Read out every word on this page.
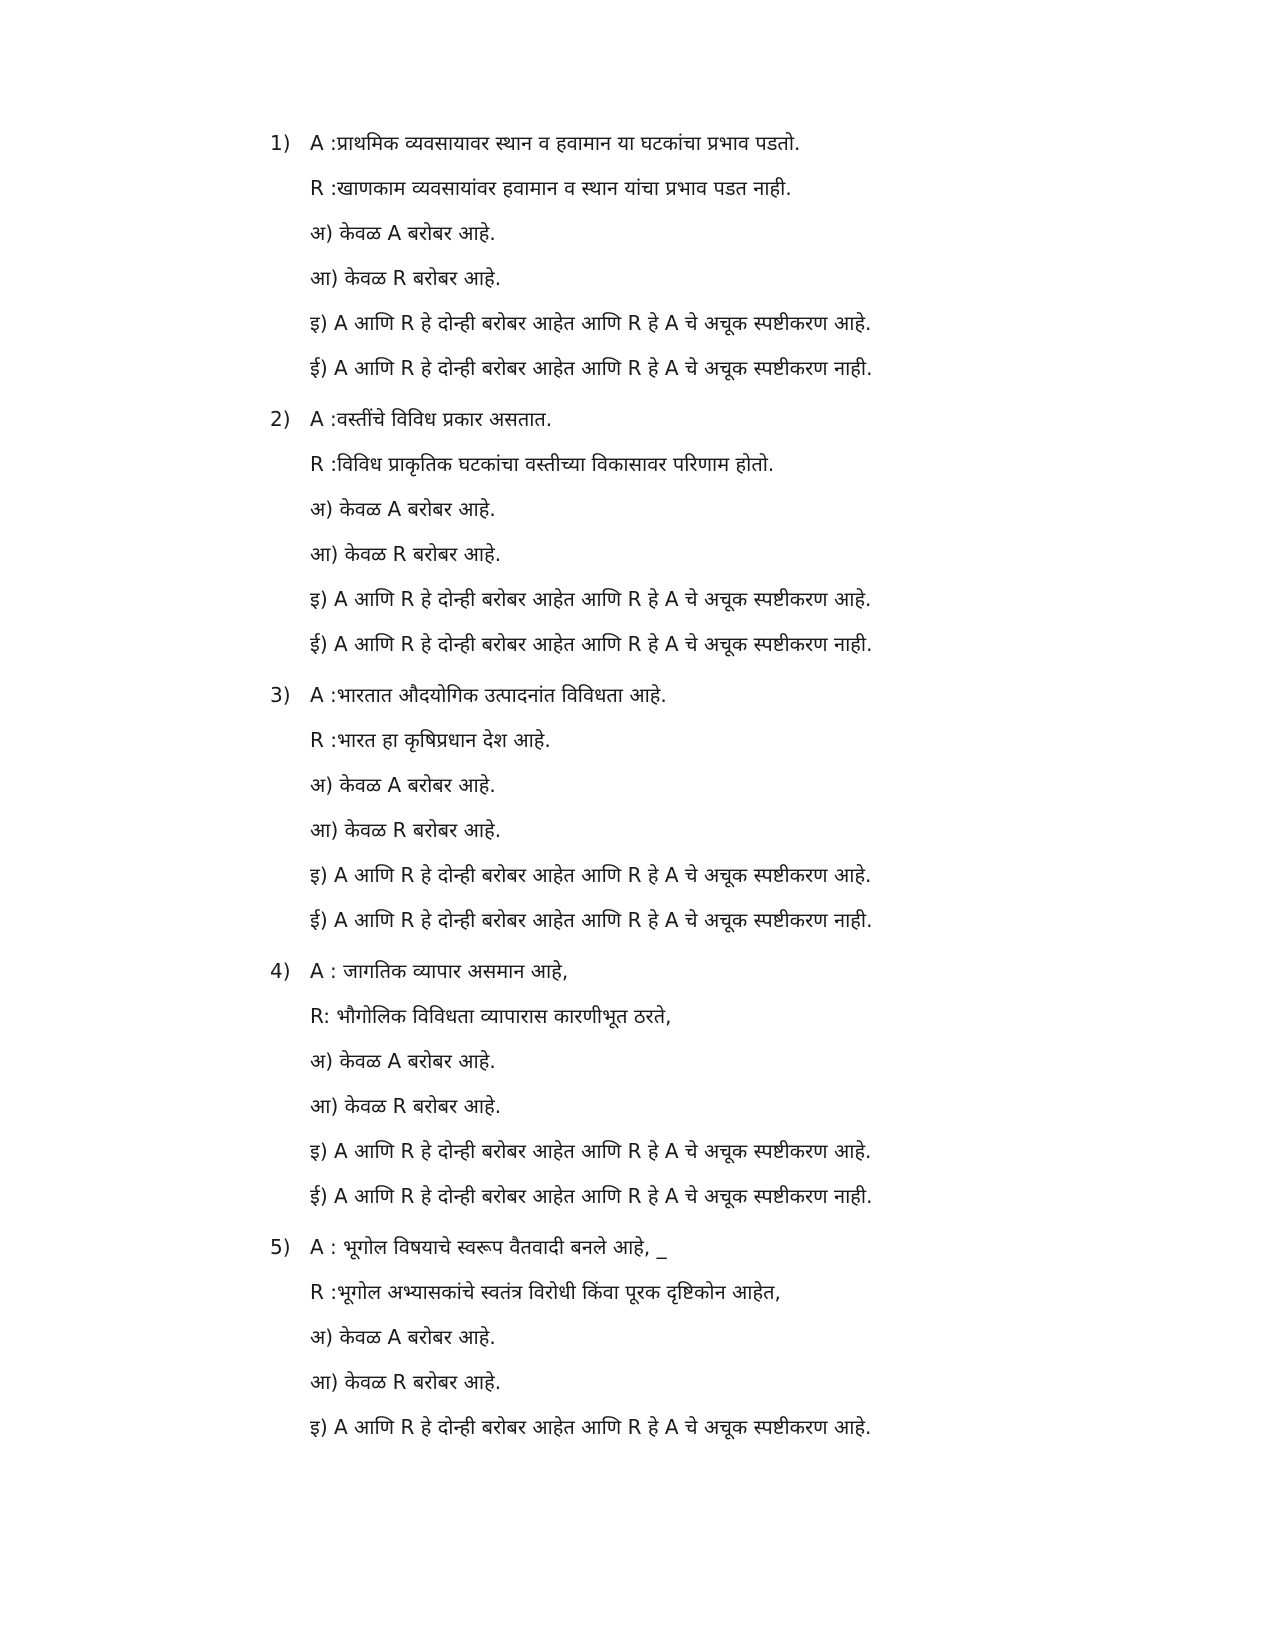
1) A :प्राथमिक व्यवसायावर स्थान व हवामान या घटकांचा प्रभाव पडतो.
R :खाणकाम व्यवसायांवर हवामान व स्थान यांचा प्रभाव पडत नाही.
अ) केवळ A बरोबर आहे.
आ) केवळ R बरोबर आहे.
इ) A आणि R हे दोन्ही बरोबर आहेत आणि R हे A चे अचूक स्पष्टीकरण आहे.
ई) A आणि R हे दोन्ही बरोबर आहेत आणि R हे A चे अचूक स्पष्टीकरण नाही.
2) A :वस्तींचे विविध प्रकार असतात.
R :विविध प्राकृतिक घटकांचा वस्तीच्या विकासावर परिणाम होतो.
अ) केवळ A बरोबर आहे.
आ) केवळ R बरोबर आहे.
इ) A आणि R हे दोन्ही बरोबर आहेत आणि R हे A चे अचूक स्पष्टीकरण आहे.
ई) A आणि R हे दोन्ही बरोबर आहेत आणि R हे A चे अचूक स्पष्टीकरण नाही.
3) A :भारतात औदयोगिक उत्पादनांत विविधता आहे.
R :भारत हा कृषिप्रधान देश आहे.
अ) केवळ A बरोबर आहे.
आ) केवळ R बरोबर आहे.
इ) A आणि R हे दोन्ही बरोबर आहेत आणि R हे A चे अचूक स्पष्टीकरण आहे.
ई) A आणि R हे दोन्ही बरोबर आहेत आणि R हे A चे अचूक स्पष्टीकरण नाही.
4) A : जागतिक व्यापार असमान आहे,
R: भौगोलिक विविधता व्यापारास कारणीभूत ठरते,
अ) केवळ A बरोबर आहे.
आ) केवळ R बरोबर आहे.
इ) A आणि R हे दोन्ही बरोबर आहेत आणि R हे A चे अचूक स्पष्टीकरण आहे.
ई) A आणि R हे दोन्ही बरोबर आहेत आणि R हे A चे अचूक स्पष्टीकरण नाही.
5) A : भूगोल विषयाचे स्वरूप वैतवादी बनले आहे, _
R :भूगोल अभ्यासकांचे स्वतंत्र विरोधी किंवा पूरक दृष्टिकोन आहेत,
अ) केवळ A बरोबर आहे.
आ) केवळ R बरोबर आहे.
इ) A आणि R हे दोन्ही बरोबर आहेत आणि R हे A चे अचूक स्पष्टीकरण आहे.
